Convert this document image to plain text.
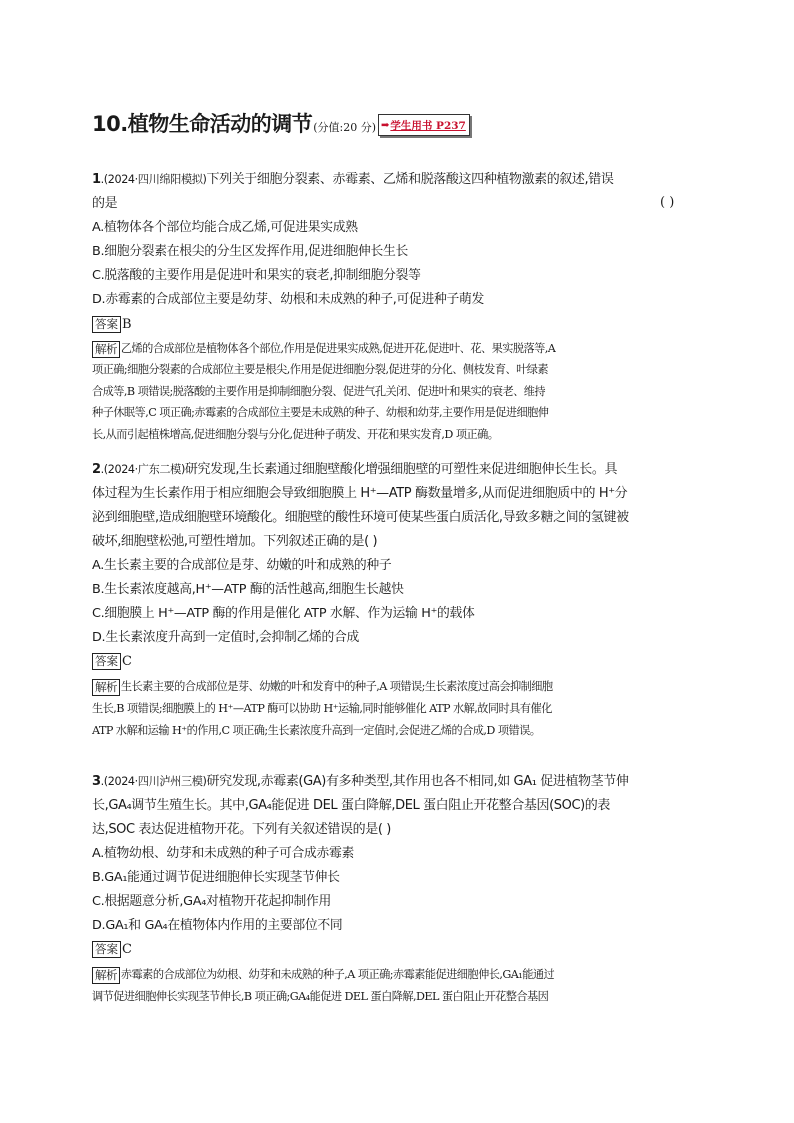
10.植物生命活动的调节 (分值:20 分) ➡ 学生用书 P237
1.(2024·四川绵阳模拟)下列关于细胞分裂素、赤霉素、乙烯和脱落酸这四种植物激素的叙述,错误
的是	( )
A.植物体各个部位均能合成乙烯,可促进果实成熟
B.细胞分裂素在根尖的分生区发挥作用,促进细胞伸长生长
C.脱落酸的主要作用是促进叶和果实的衰老,抑制细胞分裂等
D.赤霉素的合成部位主要是幼芽、幼根和未成熟的种子,可促进种子萌发
答案 B
解析 乙烯的合成部位是植物体各个部位,作用是促进果实成熟,促进开花,促进叶、花、果实脱落等,A
项正确;细胞分裂素的合成部位主要是根尖,作用是促进细胞分裂,促进芽的分化、侧枝发育、叶绿素
合成等,B 项错误;脱落酸的主要作用是抑制细胞分裂、促进气孔关闭、促进叶和果实的衰老、维持
种子休眠等,C 项正确;赤霉素的合成部位主要是未成熟的种子、幼根和幼芽,主要作用是促进细胞伸
长,从而引起植株增高,促进细胞分裂与分化,促进种子萌发、开花和果实发育,D 项正确。
2.(2024·广东二模)研究发现,生长素通过细胞壁酸化增强细胞壁的可塑性来促进细胞伸长生长。具
体过程为生长素作用于相应细胞会导致细胞膜上 H⁺—ATP 酶数量增多,从而促进细胞质中的 H⁺分
泌到细胞壁,造成细胞壁环境酸化。细胞壁的酸性环境可使某些蛋白质活化,导致多糖之间的氢键被
破坏,细胞壁松弛,可塑性增加。下列叙述正确的是( )
A.生长素主要的合成部位是芽、幼嫩的叶和成熟的种子
B.生长素浓度越高,H⁺—ATP 酶的活性越高,细胞生长越快
C.细胞膜上 H⁺—ATP 酶的作用是催化 ATP 水解、作为运输 H⁺的载体
D.生长素浓度升高到一定值时,会抑制乙烯的合成
答案 C
解析 生长素主要的合成部位是芽、幼嫩的叶和发育中的种子,A 项错误;生长素浓度过高会抑制细胞
生长,B 项错误;细胞膜上的 H⁺—ATP 酶可以协助 H⁺运输,同时能够催化 ATP 水解,故同时具有催化
ATP 水解和运输 H⁺的作用,C 项正确;生长素浓度升高到一定值时,会促进乙烯的合成,D 项错误。
3.(2024·四川泸州三模)研究发现,赤霉素(GA)有多种类型,其作用也各不相同,如 GA₁ 促进植物茎节伸
长,GA₄调节生殖生长。其中,GA₄能促进 DEL 蛋白降解,DEL 蛋白阻止开花整合基因(SOC)的表
达,SOC 表达促进植物开花。下列有关叙述错误的是( )
A.植物幼根、幼芽和未成熟的种子可合成赤霉素
B.GA₁能通过调节促进细胞伸长实现茎节伸长
C.根据题意分析,GA₄对植物开花起抑制作用
D.GA₁和 GA₄在植物体内作用的主要部位不同
答案 C
解析 赤霉素的合成部位为幼根、幼芽和未成熟的种子,A 项正确;赤霉素能促进细胞伸长,GA₁能通过
调节促进细胞伸长实现茎节伸长,B 项正确;GA₄能促进 DEL 蛋白降解,DEL 蛋白阻止开花整合基因
